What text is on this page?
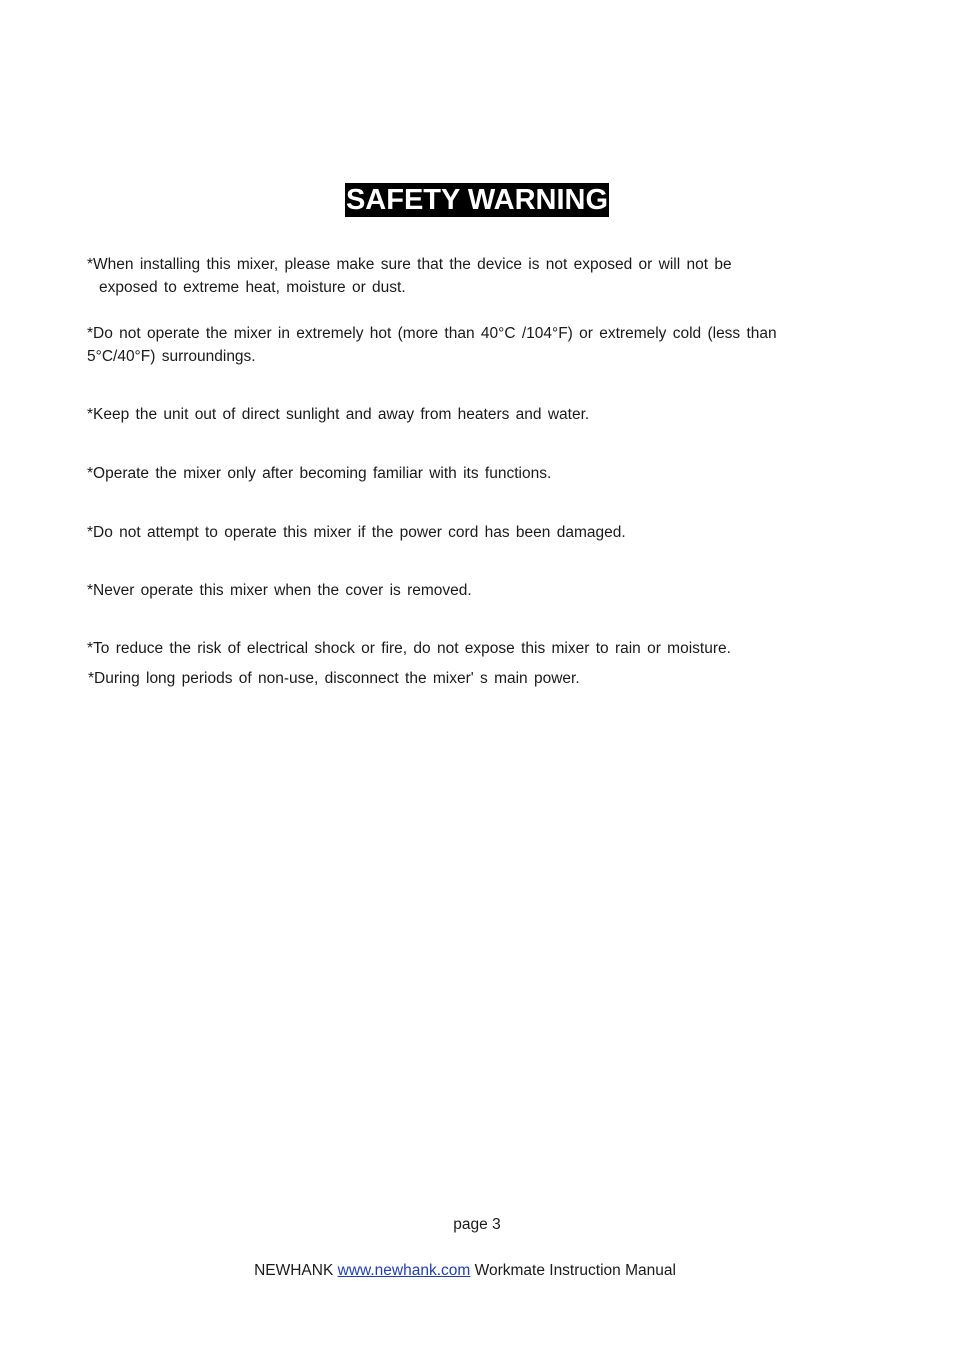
SAFETY WARNING
*When installing this mixer, please make sure that the device is not exposed or will not be
exposed to extreme heat, moisture or dust.
*Do not operate the mixer in extremely hot (more than 40°C /104°F) or extremely cold (less than
5°C/40°F) surroundings.
*Keep the unit out of direct sunlight and away from heaters and water.
*Operate the mixer only after becoming familiar with its functions.
*Do not attempt to operate this mixer if the power cord has been damaged.
*Never operate this mixer when the cover is removed.
*To reduce the risk of electrical shock or fire, do not expose this mixer to rain or moisture.
*During long periods of non-use, disconnect the mixer' s main power.
page 3
NEWHANK www.newhank.com Workmate Instruction Manual
